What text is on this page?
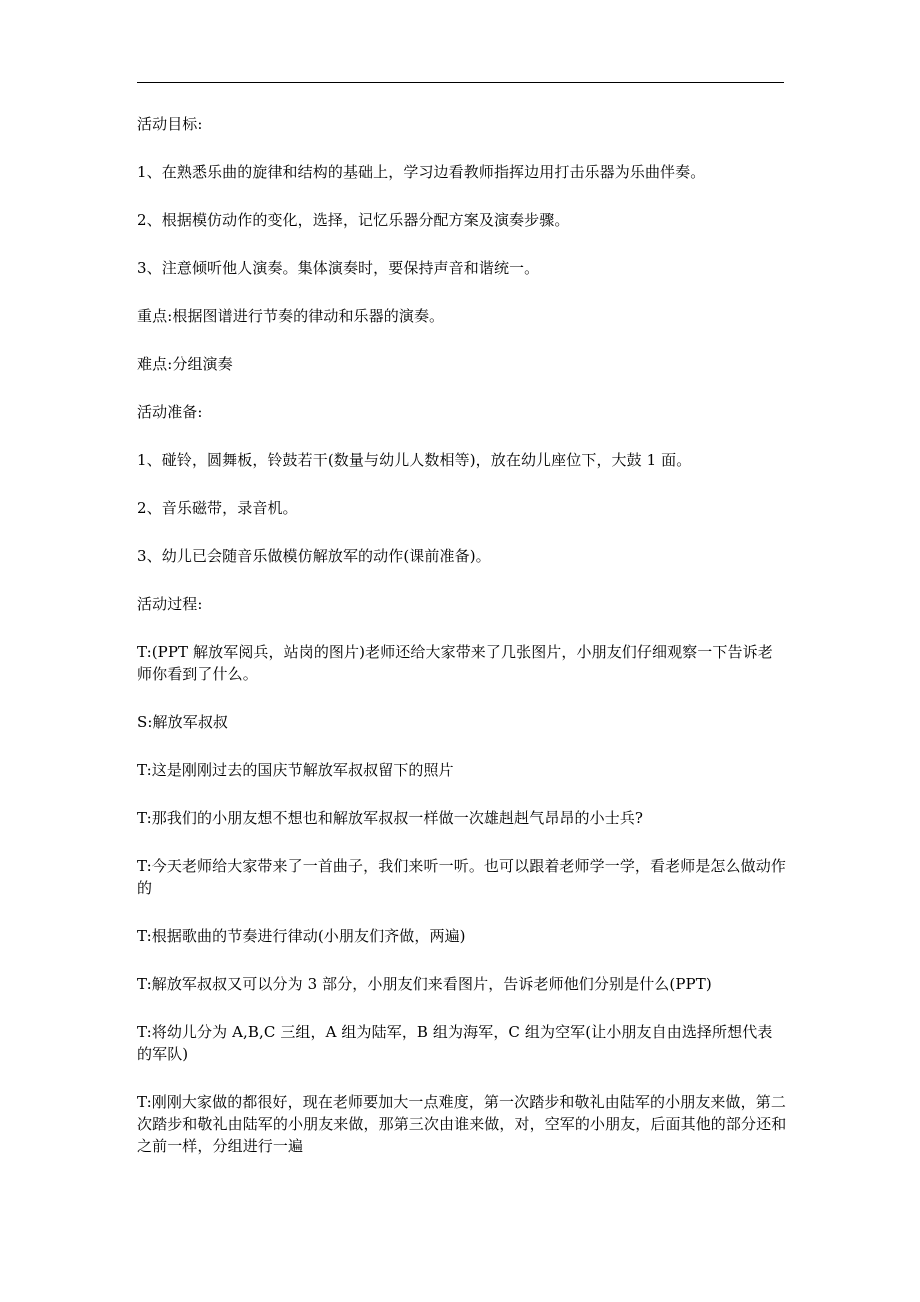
活动目标:

1、在熟悉乐曲的旋律和结构的基础上，学习边看教师指挥边用打击乐器为乐曲伴奏。

2、根据模仿动作的变化，选择，记忆乐器分配方案及演奏步骤。

3、注意倾听他人演奏。集体演奏时，要保持声音和谐统一。

重点:根据图谱进行节奏的律动和乐器的演奏。

难点:分组演奏

活动准备:

1、碰铃，圆舞板，铃鼓若干(数量与幼儿人数相等)，放在幼儿座位下，大鼓 1 面。

2、音乐磁带，录音机。

3、幼儿已会随音乐做模仿解放军的动作(课前准备)。

活动过程:

T:(PPT 解放军阅兵，站岗的图片)老师还给大家带来了几张图片，小朋友们仔细观察一下告诉老师你看到了什么。

S:解放军叔叔

T:这是刚刚过去的国庆节解放军叔叔留下的照片

T:那我们的小朋友想不想也和解放军叔叔一样做一次雄赳赳气昂昂的小士兵?

T:今天老师给大家带来了一首曲子，我们来听一听。也可以跟着老师学一学，看老师是怎么做动作的

T:根据歌曲的节奏进行律动(小朋友们齐做，两遍)

T:解放军叔叔又可以分为 3 部分，小朋友们来看图片，告诉老师他们分别是什么(PPT)

T:将幼儿分为 A,B,C 三组，A 组为陆军，B 组为海军，C 组为空军(让小朋友自由选择所想代表的军队)

T:刚刚大家做的都很好，现在老师要加大一点难度，第一次踏步和敬礼由陆军的小朋友来做，第二次踏步和敬礼由陆军的小朋友来做，那第三次由谁来做，对，空军的小朋友，后面其他的部分还和之前一样，分组进行一遍
